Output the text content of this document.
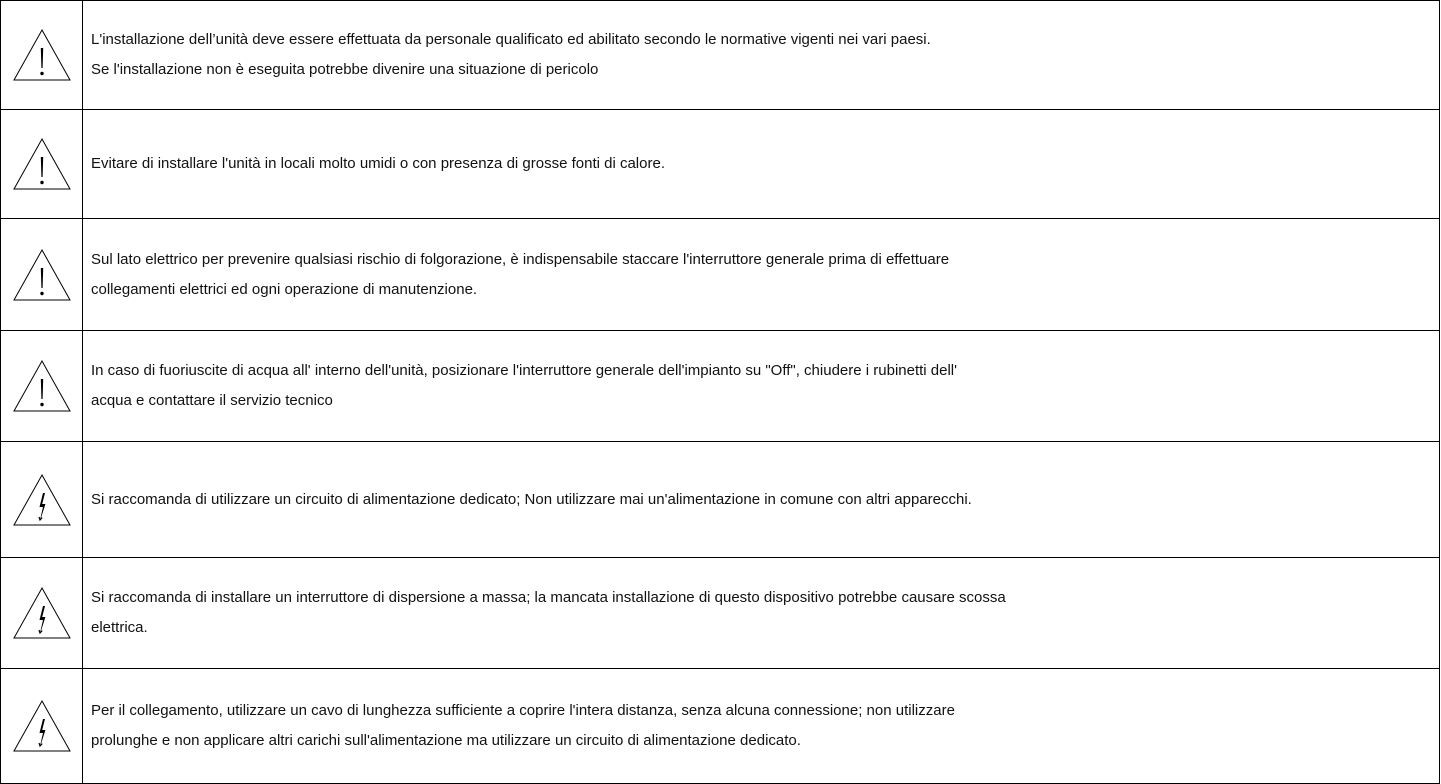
L'installazione dell’unità deve essere effettuata da personale qualificato ed abilitato secondo le normative vigenti nei vari paesi.
Se l'installazione non è eseguita potrebbe divenire una situazione di pericolo

Evitare di installare l'unità in locali molto umidi o con presenza di grosse fonti di calore.

Sul lato elettrico per prevenire qualsiasi rischio di folgorazione, è indispensabile staccare l'interruttore generale prima di effettuare
collegamenti elettrici ed ogni operazione di manutenzione.

In caso di fuoriuscite di acqua all' interno dell'unità, posizionare l'interruttore generale dell'impianto su "Off", chiudere i rubinetti dell'
acqua e contattare il servizio tecnico

Si raccomanda di utilizzare un circuito di alimentazione dedicato; Non utilizzare mai un'alimentazione in comune con altri apparecchi.

Si raccomanda di installare un interruttore di dispersione a massa; la mancata installazione di questo dispositivo potrebbe causare scossa
elettrica.

Per il collegamento, utilizzare un cavo di lunghezza sufficiente a coprire l'intera distanza, senza alcuna connessione; non utilizzare
prolunghe e non applicare altri carichi sull'alimentazione ma utilizzare un circuito di alimentazione dedicato.
